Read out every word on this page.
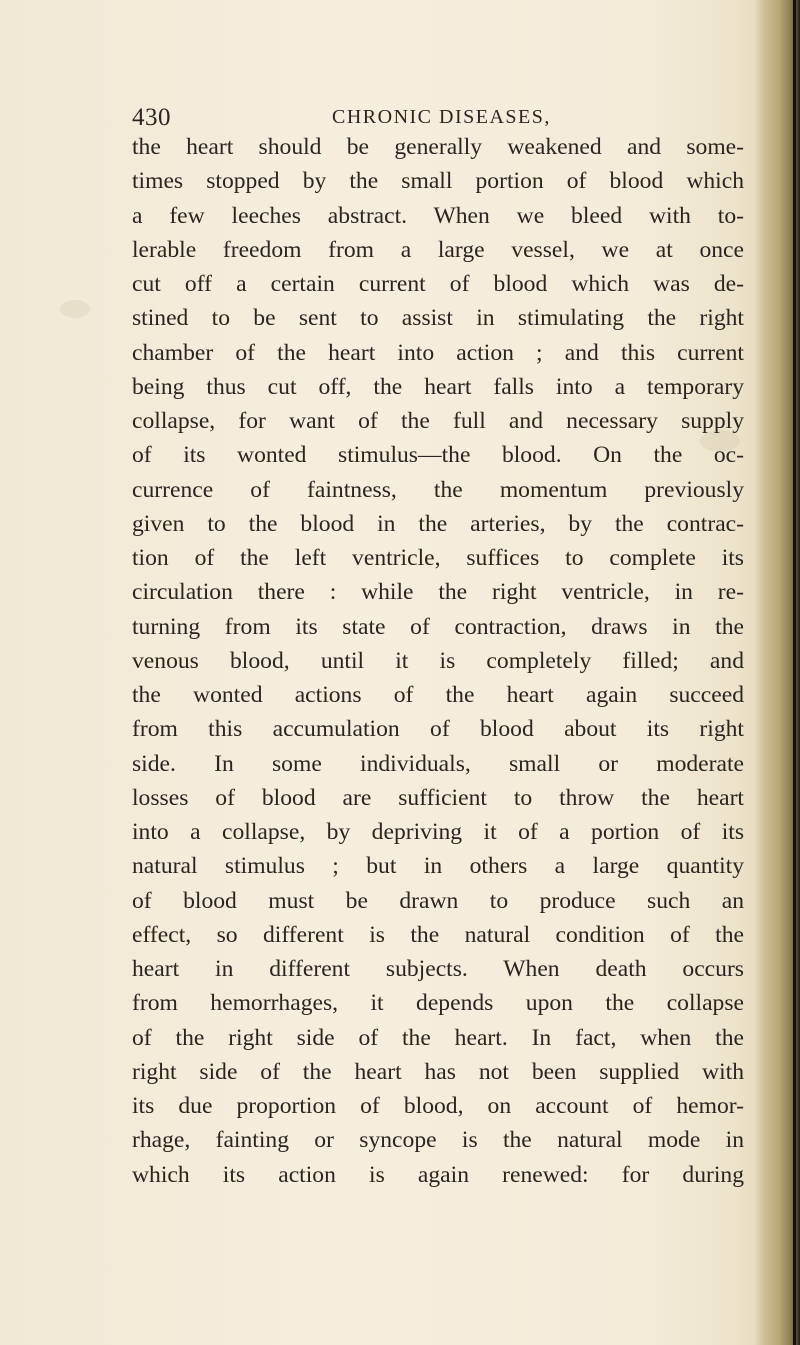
430	CHRONIC DISEASES,
the heart should be generally weakened and some-
times stopped by the small portion of blood which
a few leeches abstract. When we bleed with to-
lerable freedom from a large vessel, we at once
cut off a certain current of blood which was de-
stined to be sent to assist in stimulating the right
chamber of the heart into action ; and this current
being thus cut off, the heart falls into a temporary
collapse, for want of the full and necessary supply
of its wonted stimulus—the blood. On the oc-
currence of faintness, the momentum previously
given to the blood in the arteries, by the contrac-
tion of the left ventricle, suffices to complete its
circulation there : while the right ventricle, in re-
turning from its state of contraction, draws in the
venous blood, until it is completely filled; and
the wonted actions of the heart again succeed
from this accumulation of blood about its right
side. In some individuals, small or moderate
losses of blood are sufficient to throw the heart
into a collapse, by depriving it of a portion of its
natural stimulus ; but in others a large quantity
of blood must be drawn to produce such an
effect, so different is the natural condition of the
heart in different subjects. When death occurs
from hemorrhages, it depends upon the collapse
of the right side of the heart. In fact, when the
right side of the heart has not been supplied with
its due proportion of blood, on account of hemor-
rhage, fainting or syncope is the natural mode in
which its action is again renewed: for during
